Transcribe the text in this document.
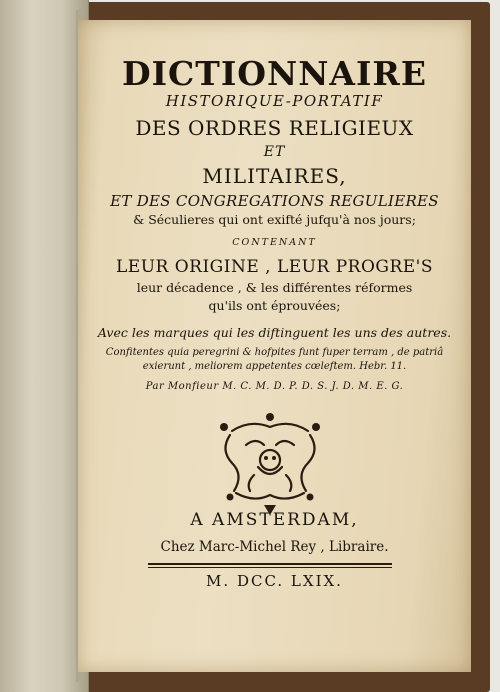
DICTIONNAIRE
HISTORIQUE-PORTATIF
DES ORDRES RELIGIEUX
ET
MILITAIRES,
ET DES CONGREGATIONS REGULIERES
& Séculieres qui ont exifté jufqu'à nos jours;
CONTENANT
LEUR ORIGINE , LEUR PROGRE'S
leur décadence , & les différentes réformes
qu'ils ont éprouvées;
Avec les marques qui les diftinguent les uns des autres.
Confitentes quia peregrini & hofpites funt fuper terram , de patriâ
exierunt , meliorem appetentes cœleftem. Hebr. 11.
Par Monfieur M. C. M. D. P. D. S. J. D. M. E. G.
A AMSTERDAM,
Chez Marc-Michel Rey , Libraire.
M. DCC. LXIX.
